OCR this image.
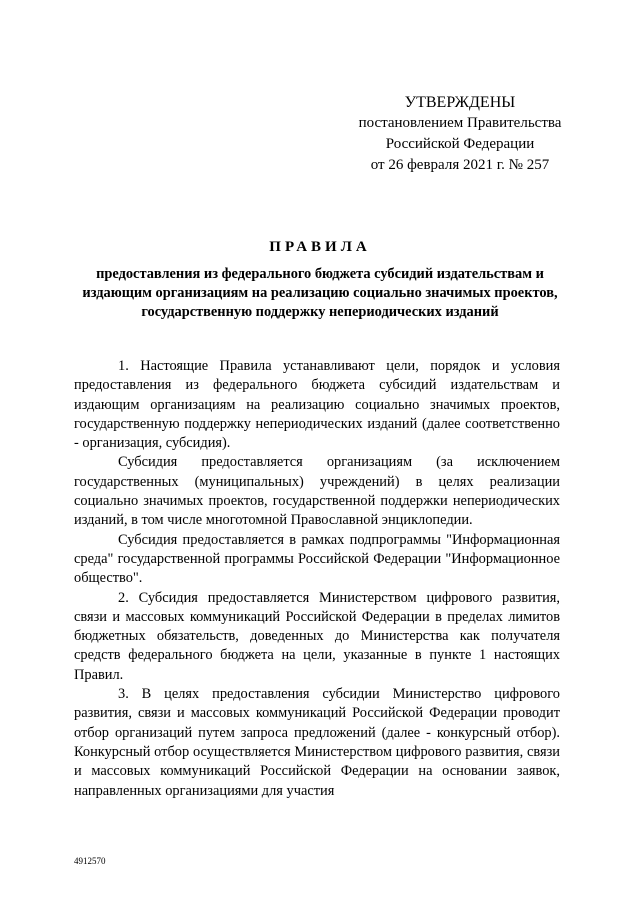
УТВЕРЖДЕНЫ
постановлением Правительства
Российской Федерации
от 26 февраля 2021 г. № 257
ПРАВИЛА
предоставления из федерального бюджета субсидий издательствам и издающим организациям на реализацию социально значимых проектов, государственную поддержку непериодических изданий

1. Настоящие Правила устанавливают цели, порядок и условия предоставления из федерального бюджета субсидий издательствам и издающим организациям на реализацию социально значимых проектов, государственную поддержку непериодических изданий (далее соответственно - организация, субсидия).

Субсидия предоставляется организациям (за исключением государственных (муниципальных) учреждений) в целях реализации социально значимых проектов, государственной поддержки непериодических изданий, в том числе многотомной Православной энциклопедии.

Субсидия предоставляется в рамках подпрограммы "Информационная среда" государственной программы Российской Федерации "Информационное общество".

2. Субсидия предоставляется Министерством цифрового развития, связи и массовых коммуникаций Российской Федерации в пределах лимитов бюджетных обязательств, доведенных до Министерства как получателя средств федерального бюджета на цели, указанные в пункте 1 настоящих Правил.

3. В целях предоставления субсидии Министерство цифрового развития, связи и массовых коммуникаций Российской Федерации проводит отбор организаций путем запроса предложений (далее - конкурсный отбор). Конкурсный отбор осуществляется Министерством цифрового развития, связи и массовых коммуникаций Российской Федерации на основании заявок, направленных организациями для участия

4912570
